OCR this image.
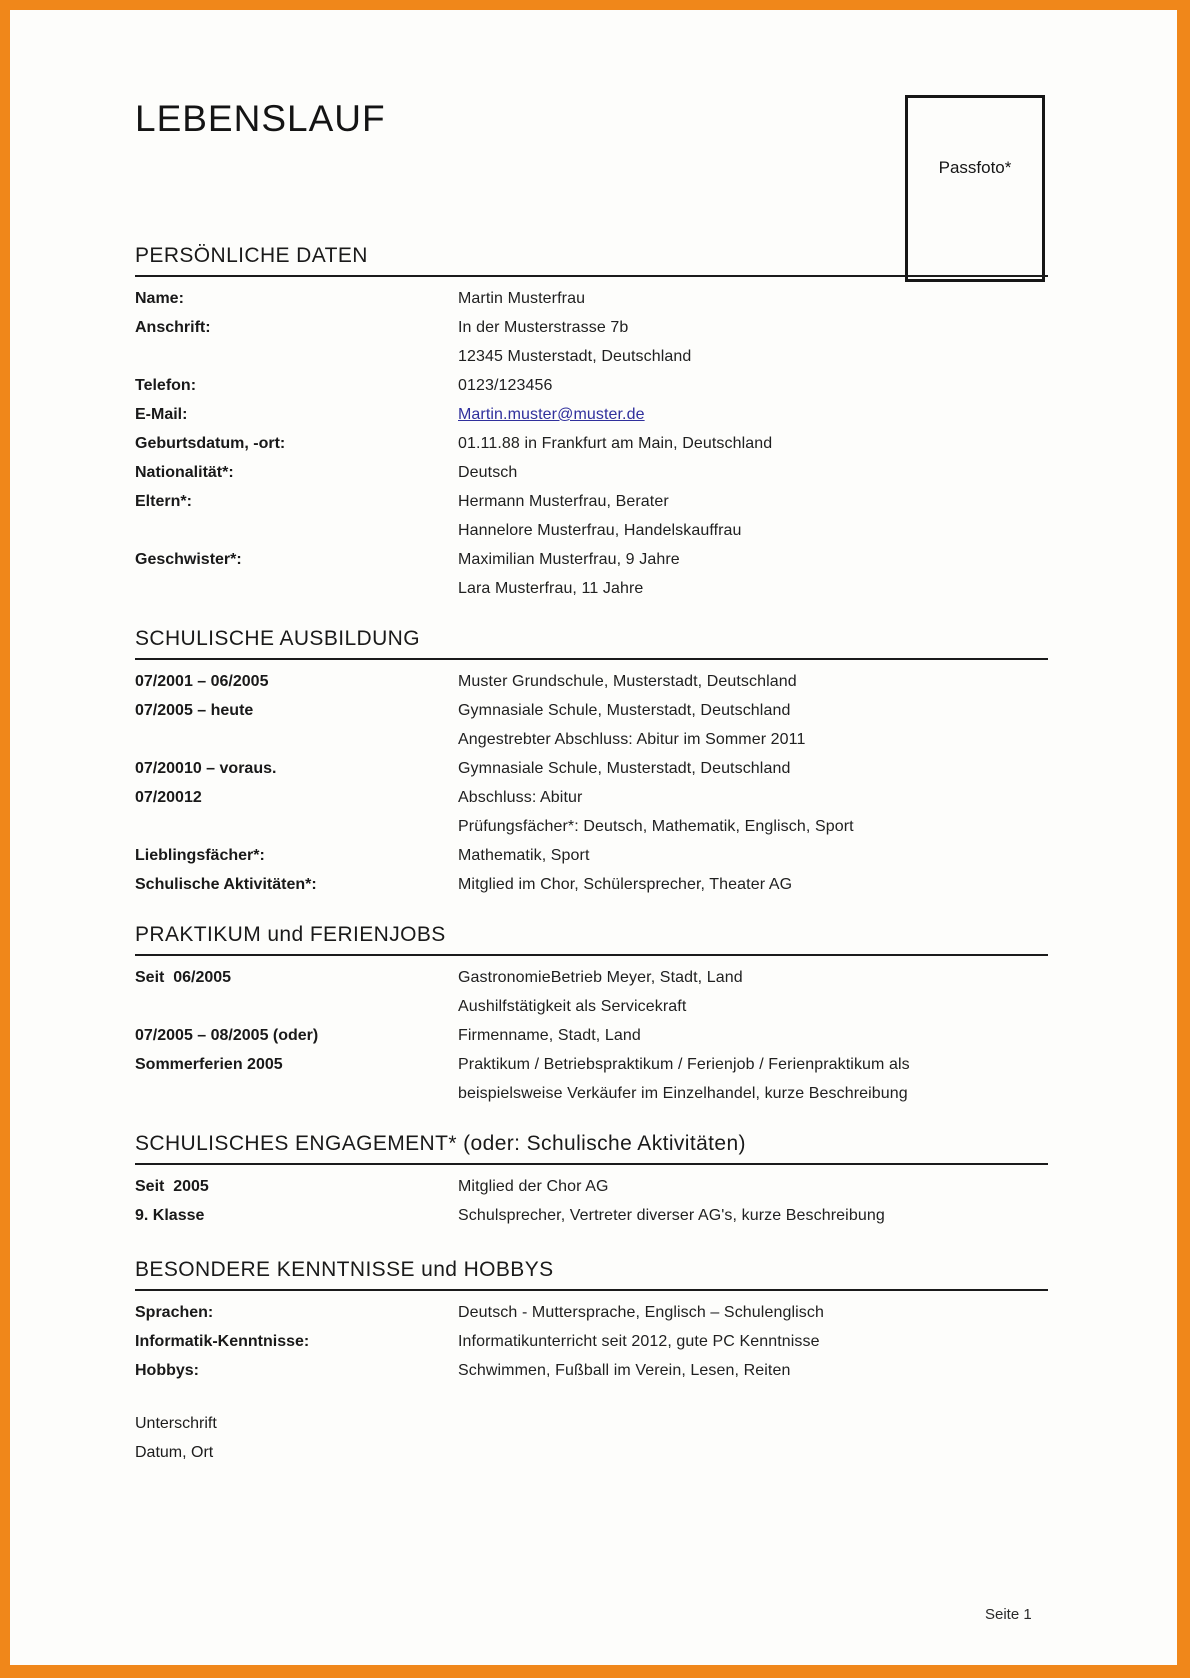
Passfoto*
LEBENSLAUF
PERSÖNLICHE DATEN
Name:	Martin Musterfrau
Anschrift:	In der Musterstrasse 7b
12345 Musterstadt, Deutschland
Telefon:	0123/123456
E-Mail:	Martin.muster@muster.de
Geburtsdatum, -ort:	01.11.88 in Frankfurt am Main, Deutschland
Nationalität*:	Deutsch
Eltern*:	Hermann Musterfrau, Berater
Hannelore Musterfrau, Handelskauffrau
Geschwister*:	Maximilian Musterfrau, 9 Jahre
Lara Musterfrau, 11 Jahre
SCHULISCHE AUSBILDUNG
07/2001 – 06/2005	Muster Grundschule, Musterstadt, Deutschland
07/2005 – heute	Gymnasiale Schule, Musterstadt, Deutschland
Angestrebter Abschluss: Abitur im Sommer 2011
07/20010 – voraus.	Gymnasiale Schule, Musterstadt, Deutschland
07/20012	Abschluss: Abitur
Prüfungsfächer*: Deutsch, Mathematik, Englisch, Sport
Lieblingsfächer*:	Mathematik, Sport
Schulische Aktivitäten*:	Mitglied im Chor, Schülersprecher, Theater AG
PRAKTIKUM und FERIENJOBS
Seit  06/2005	GastronomieBetrieb Meyer, Stadt, Land
Aushilfstätigkeit als Servicekraft
07/2005 – 08/2005 (oder)	Firmenname, Stadt, Land
Sommerferien 2005	Praktikum / Betriebspraktikum / Ferienjob / Ferienpraktikum als
beispielsweise Verkäufer im Einzelhandel, kurze Beschreibung
SCHULISCHES ENGAGEMENT* (oder: Schulische Aktivitäten)
Seit  2005	Mitglied der Chor AG
9. Klasse	Schulsprecher, Vertreter diverser AG's, kurze Beschreibung
BESONDERE KENNTNISSE und HOBBYS
Sprachen:	Deutsch - Muttersprache, Englisch – Schulenglisch
Informatik-Kenntnisse:	Informatikunterricht seit 2012, gute PC Kenntnisse
Hobbys:	Schwimmen, Fußball im Verein, Lesen, Reiten
Unterschrift
Datum, Ort
Seite 1
